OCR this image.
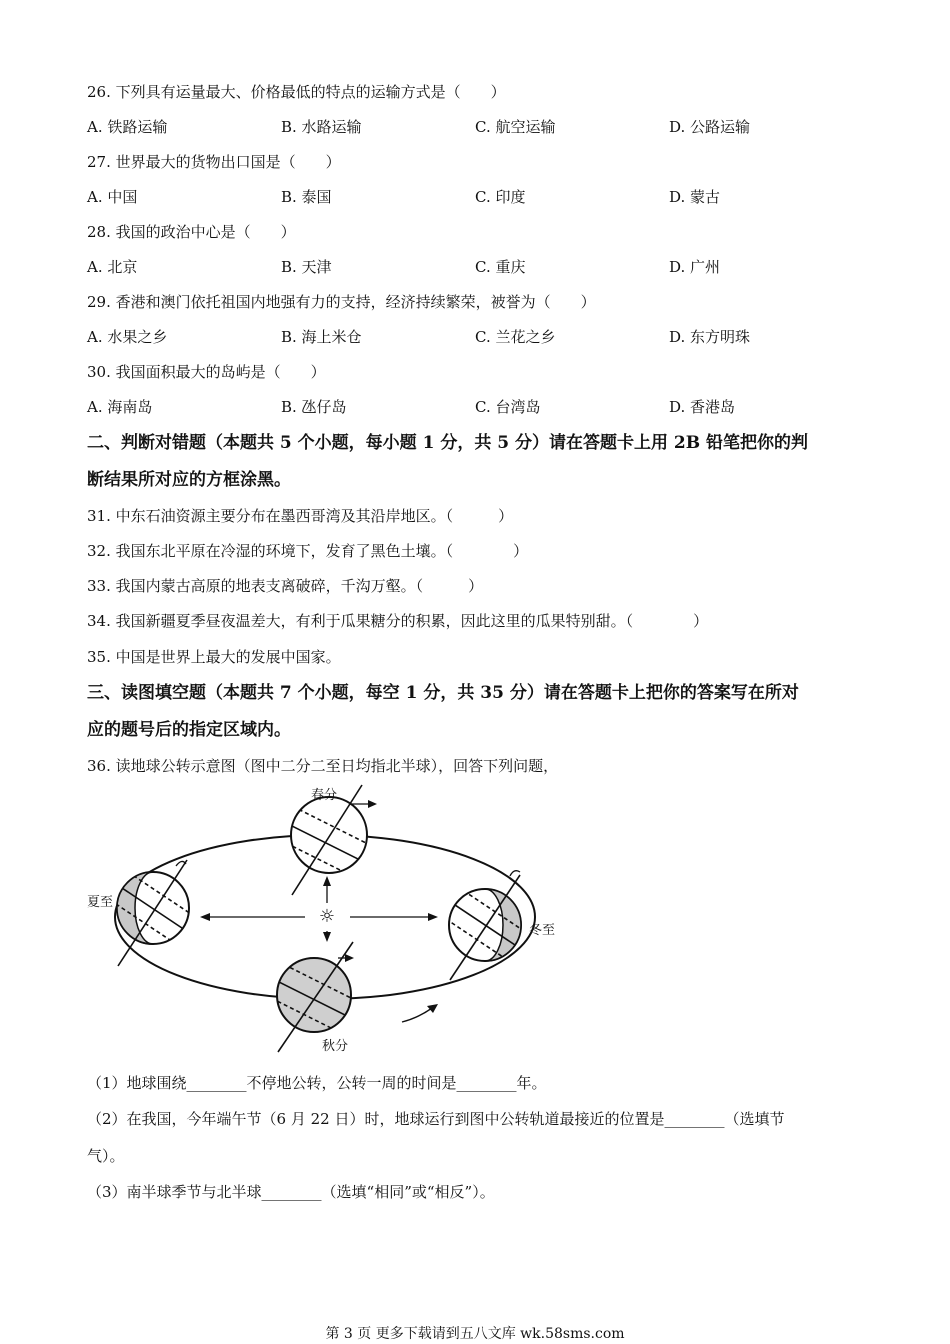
26. 下列具有运量最大、价格最低的特点的运输方式是（　　）
A. 铁路运输	B. 水路运输	C. 航空运输	D. 公路运输
27. 世界最大的货物出口国是（　　）
A. 中国	B. 泰国	C. 印度	D. 蒙古
28. 我国的政治中心是（　　）
A. 北京	B. 天津	C. 重庆	D. 广州
29. 香港和澳门依托祖国内地强有力的支持，经济持续繁荣，被誉为（　　）
A. 水果之乡	B. 海上米仓	C. 兰花之乡	D. 东方明珠
30. 我国面积最大的岛屿是（　　）
A. 海南岛	B. 氹仔岛	C. 台湾岛	D. 香港岛
二、判断对错题（本题共 5 个小题，每小题 1 分，共 5 分）请在答题卡上用 2B 铅笔把你的判
断结果所对应的方框涂黑。
31. 中东石油资源主要分布在墨西哥湾及其沿岸地区。（　　　）
32. 我国东北平原在冷湿的环境下，发育了黑色土壤。（　　　　）
33. 我国内蒙古高原的地表支离破碎，千沟万壑。（　　　）
34. 我国新疆夏季昼夜温差大，有利于瓜果糖分的积累，因此这里的瓜果特别甜。（　　　　）
35. 中国是世界上最大的发展中国家。
三、读图填空题（本题共 7 个小题，每空 1 分，共 35 分）请在答题卡上把你的答案写在所对
应的题号后的指定区域内。
36. 读地球公转示意图（图中二分二至日均指北半球），回答下列问题，
☼
春分
夏至
冬至
秋分
（1）地球围绕________不停地公转，公转一周的时间是________年。
（2）在我国，今年端午节（6 月 22 日）时，地球运行到图中公转轨道最接近的位置是________（选填节
气）。
（3）南半球季节与北半球________（选填“相同”或“相反”）。
第 3 页 更多下载请到五八文库 wk.58sms.com
